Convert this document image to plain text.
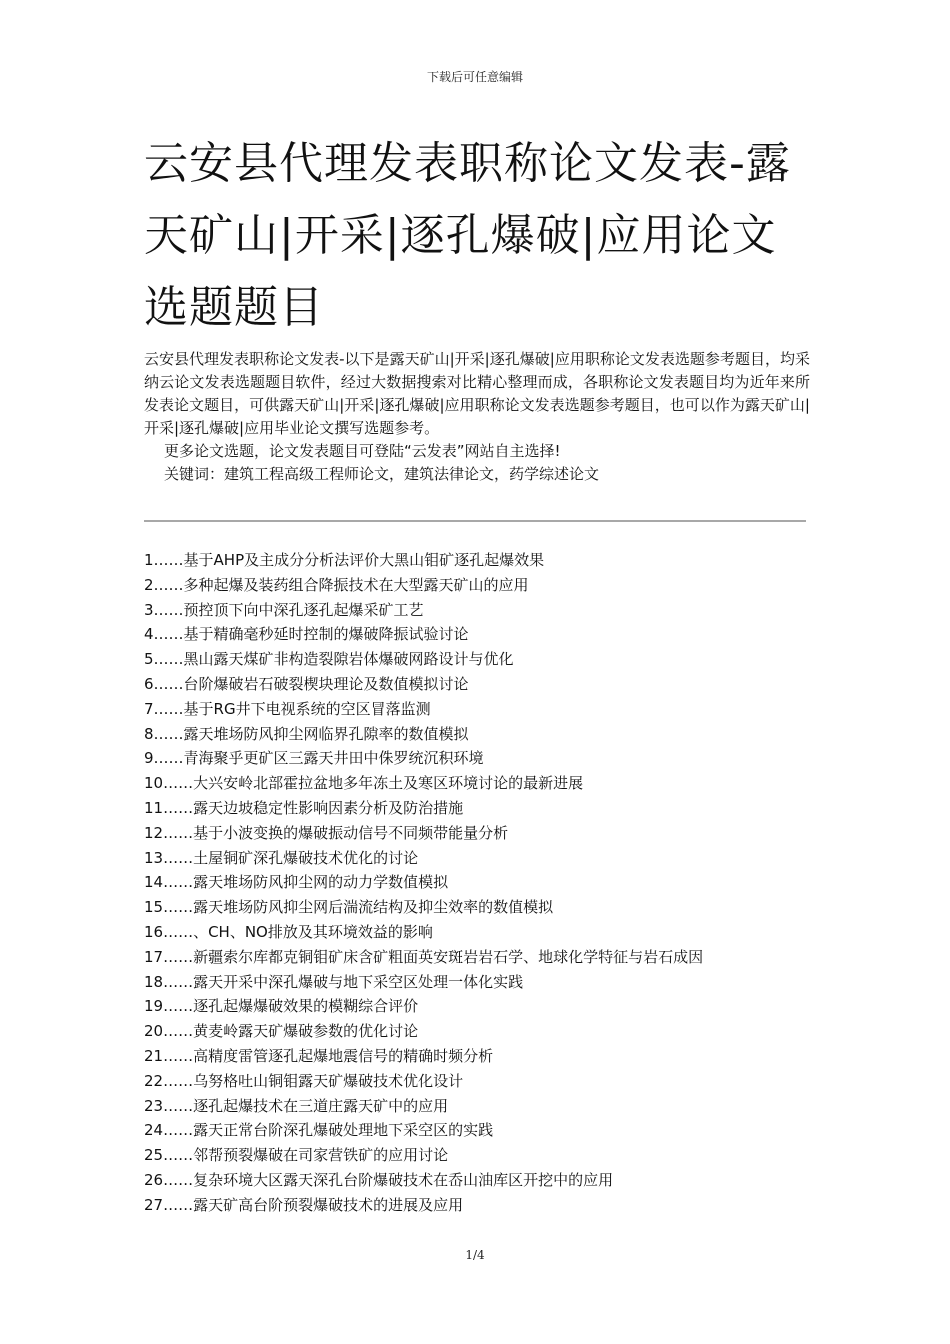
下载后可任意编辑
云安县代理发表职称论文发表-露天矿山|开采|逐孔爆破|应用论文选题题目

云安县代理发表职称论文发表-以下是露天矿山|开采|逐孔爆破|应用职称论文发表选题参考题目，均采纳云论文发表选题题目软件，经过大数据搜索对比精心整理而成，各职称论文发表题目均为近年来所发表论文题目，可供露天矿山|开采|逐孔爆破|应用职称论文发表选题参考题目，也可以作为露天矿山|开采|逐孔爆破|应用毕业论文撰写选题参考。

更多论文选题，论文发表题目可登陆“云发表”网站自主选择!

关键词：建筑工程高级工程师论文，建筑法律论文，药学综述论文

1……基于AHP及主成分分析法评价大黑山钼矿逐孔起爆效果
2……多种起爆及装药组合降振技术在大型露天矿山的应用
3……预控顶下向中深孔逐孔起爆采矿工艺
4……基于精确毫秒延时控制的爆破降振试验讨论
5……黑山露天煤矿非构造裂隙岩体爆破网路设计与优化
6……台阶爆破岩石破裂楔块理论及数值模拟讨论
7……基于RG井下电视系统的空区冒落监测
8……露天堆场防风抑尘网临界孔隙率的数值模拟
9……青海聚乎更矿区三露天井田中侏罗统沉积环境
10……大兴安岭北部霍拉盆地多年冻土及寒区环境讨论的最新进展
11……露天边坡稳定性影响因素分析及防治措施
12……基于小波变换的爆破振动信号不同频带能量分析
13……土屋铜矿深孔爆破技术优化的讨论
14……露天堆场防风抑尘网的动力学数值模拟
15……露天堆场防风抑尘网后湍流结构及抑尘效率的数值模拟
16……、CH、NO排放及其环境效益的影响
17……新疆索尔库都克铜钼矿床含矿粗面英安斑岩岩石学、地球化学特征与岩石成因
18……露天开采中深孔爆破与地下采空区处理一体化实践
19……逐孔起爆爆破效果的模糊综合评价
20……黄麦岭露天矿爆破参数的优化讨论
21……高精度雷管逐孔起爆地震信号的精确时频分析
22……乌努格吐山铜钼露天矿爆破技术优化设计
23……逐孔起爆技术在三道庄露天矿中的应用
24……露天正常台阶深孔爆破处理地下采空区的实践
25……邻帮预裂爆破在司家营铁矿的应用讨论
26……复杂环境大区露天深孔台阶爆破技术在岙山油库区开挖中的应用
27……露天矿高台阶预裂爆破技术的进展及应用
1/4
